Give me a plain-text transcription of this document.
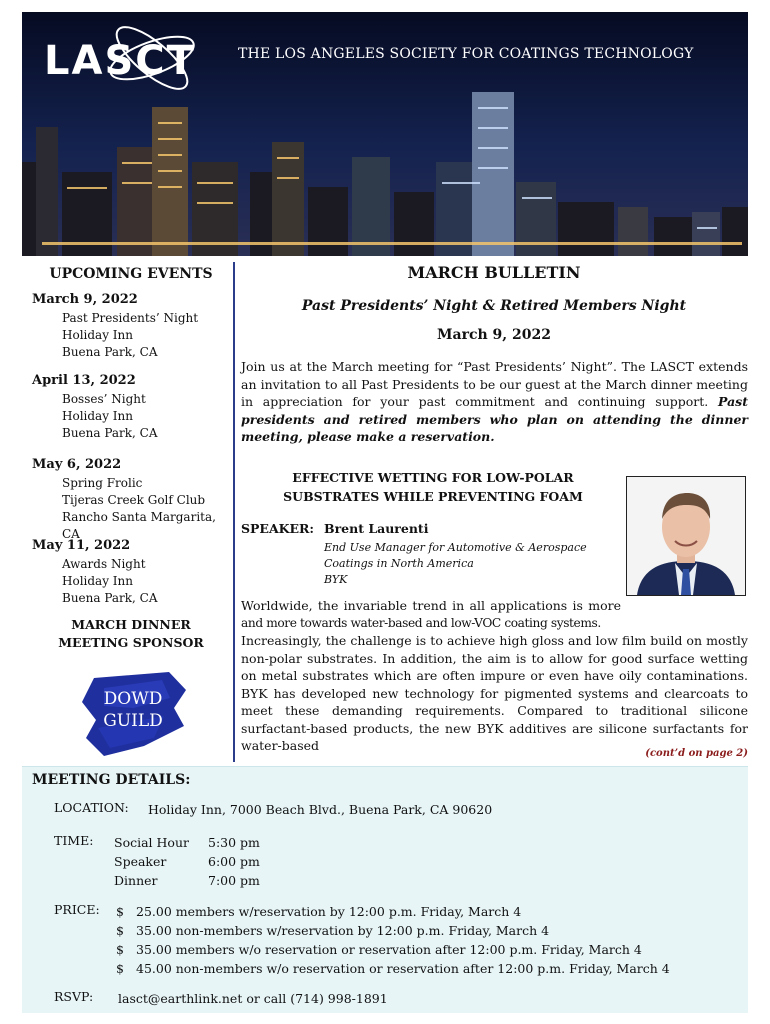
LASCT	THE LOS ANGELES SOCIETY FOR COATINGS TECHNOLOGY
UPCOMING EVENTS
March 9, 2022
Past Presidents’ Night
Holiday Inn
Buena Park, CA
April 13, 2022
Bosses’ Night
Holiday Inn
Buena Park, CA
May 6, 2022
Spring Frolic
Tijeras Creek Golf Club
Rancho Santa Margarita, CA
May 11, 2022
Awards Night
Holiday Inn
Buena Park, CA
MARCH DINNER
MEETING SPONSOR
DOWD
GUILD
MARCH BULLETIN
Past Presidents’ Night & Retired Members Night
March 9, 2022
Join us at the March meeting for “Past Presidents’ Night”. The LASCT extends an invitation to all Past Presidents to be our guest at the March dinner meeting in appreciation for your past commitment and continuing support. Past presidents and retired members who plan on attending the dinner meeting, please make a reservation.
EFFECTIVE WETTING FOR LOW-POLAR
SUBSTRATES WHILE PREVENTING FOAM
SPEAKER: Brent Laurenti
End Use Manager for Automotive & Aerospace
Coatings in North America
BYK
Worldwide, the invariable trend in all applications is more
and more towards water-based and low-VOC coating systems.
Increasingly, the challenge is to achieve high gloss and low film build on mostly non-polar substrates. In addition, the aim is to allow for good surface wetting on metal substrates which are often impure or even have oily contaminations. BYK has developed new technology for pigmented systems and clearcoats to meet these demanding requirements. Compared to traditional silicone surfactant-based products, the new BYK additives are silicone surfactants for water-based
(cont’d on page 2)
MEETING DETAILS:
LOCATION: Holiday Inn, 7000 Beach Blvd., Buena Park, CA 90620
TIME: Social Hour 5:30 pm
Speaker	6:00 pm
Dinner	7:00 pm
PRICE: $ 25.00 members w/reservation by 12:00 p.m. Friday, March 4
$ 35.00 non-members w/reservation by 12:00 p.m. Friday, March 4
$ 35.00 members w/o reservation or reservation after 12:00 p.m. Friday, March 4
$ 45.00 non-members w/o reservation or reservation after 12:00 p.m. Friday, March 4
RSVP: lasct@earthlink.net or call (714) 998-1891
